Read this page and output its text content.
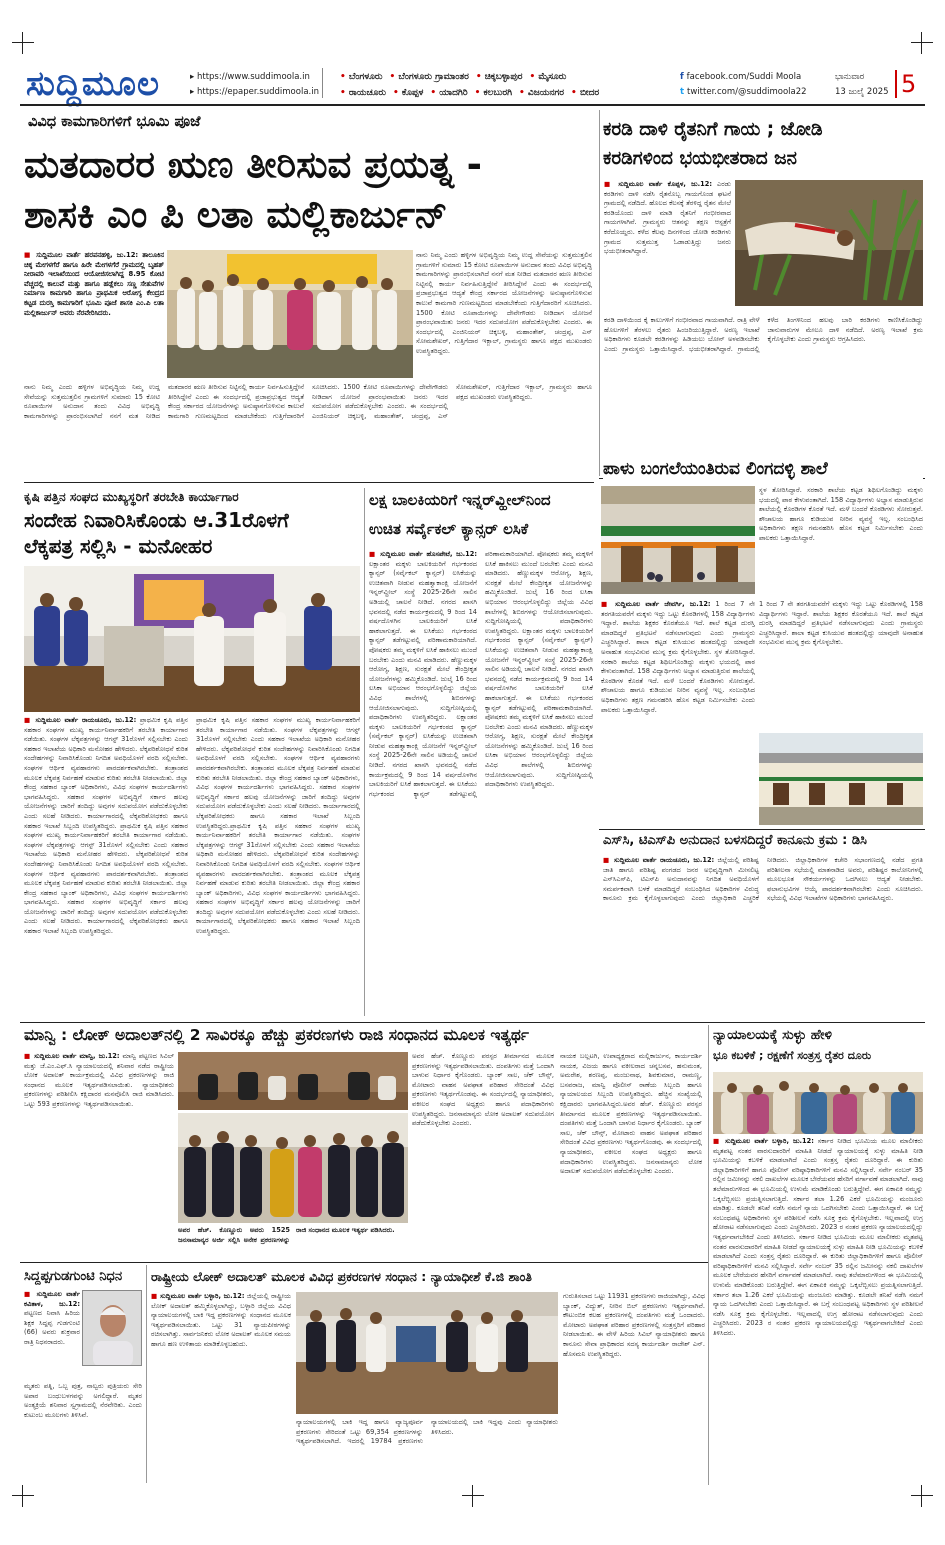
ಸುದ್ದಿಮೂಲ	▸ https://www.suddimoola.in
▸ https://epaper.suddimoola.in
• ಬೆಂಗಳೂರು • ಬೆಂಗಳೂರು ಗ್ರಾಮಾಂತರ • ಚಿಕ್ಕಬಳ್ಳಾಪುರ • ಮೈಸೂರು
• ರಾಯಚೂರು • ಕೊಪ್ಪಳ • ಯಾದಗಿರಿ • ಕಲಬುರಗಿ • ವಿಜಯನಗರ • ಬೀದರ
f facebook.com/Suddi Moola
t twitter.com/@suddimoola22
ಭಾನುವಾರ
13 ಜುಲೈ 2025 5
ವಿವಿಧ ಕಾಮಗಾರಿಗಳಿಗೆ ಭೂಮಿ ಪೂಜೆ
ಮತದಾರರ ಋಣ ತೀರಿಸುವ ಪ್ರಯತ್ನ -
ಶಾಸಕಿ ಎಂ ಪಿ ಲತಾ ಮಲ್ಲಿಕಾರ್ಜುನ್
■ ಸುದ್ದಿಮೂಲ ವಾರ್ತೆ ಹರಪನಹಳ್ಳಿ, ಜು.12: ತಾಲೂಕಿನ ಚಿಕ್ಕ ಮೇಗಳಗೆರೆ ಹಾಗೂ ಹಿರೇ ಮೇಗಳಗೆರೆ ಗ್ರಾಮದಲ್ಲಿ ಬೃಹತ್ ನೀರಾವರಿ ಇಲಾಖೆಯಿಂದ ಆಯೋಜಿಸಲಾಗಿದ್ದ 8.95 ಕೋಟಿ ವೆಚ್ಚದಲ್ಲಿ ಕಾಲುವೆ ಮತ್ತು ಹಾಗೂ ಹಡ್ಲೆಕಲು ಸಣ್ಣ ಸೇತುವೆಗಳ ನಿರ್ಮಾಣ ಕಾಮಗಾರಿ ಹಾಗೂ ಪ್ರಾಥಮಿಕ ಆರೋಗ್ಯ ಕೇಂದ್ರದ ಕಟ್ಟಡ ದುರಸ್ತಿ ಕಾಮಗಾರಿಗೆ ಭೂಮಿ ಪೂಜೆ ಶಾಸಕಿ ಎಂ.ಪಿ ಲತಾ ಮಲ್ಲಿಕಾರ್ಜುನ್ ಅವರು ನೆರವೇರಿಸಿದರು.
ನಾನು ನಿಮ್ಮ ಎಂದು ಹಳ್ಳಿಗಳ ಅಭಿವೃದ್ಧಿಯ ನಿಮ್ಮ ಉದ್ದ ಸೇವೆಯನ್ನು ಸುತ್ತಮುತ್ತಲಿನ ಗ್ರಾಮಗಳಿಗೆ ಸುಮಾರು 15 ಕೋಟಿ ರೂಪಾಯಿಗಳ ಅನುದಾನ ತಂದು ವಿವಿಧ ಅಭಿವೃದ್ಧಿ ಕಾಮಗಾರಿಗಳನ್ನು ಪ್ರಾರಂಭಿಸಲಾಗಿದೆ ನನಗೆ ಮತ ನೀಡಿದ ಮತದಾರರ ಋಣ ತೀರಿಸುವ ನಿಟ್ಟಿನಲ್ಲಿ ಕಾರ್ಯ ನಿರ್ವಹಿಸುತ್ತಿದ್ದೇನೆ ತೀರಿಸಿದ್ದೇನೆ ಎಂದು ಈ ಸಂದರ್ಭದಲ್ಲಿ ಪ್ರಜಾಪ್ರಭುತ್ವದ ಆದ್ಯತೆ ಕೇಂದ್ರ ಸರ್ಕಾರದ ಯೋಜನೆಗಳನ್ನು ಅನುಷ್ಠಾನಗೊಳಿಸುವ ಕಾಲುವೆ ಕಾಮಗಾರಿ ಗುಣಮಟ್ಟದಿಂದ ಮಾಡಬೇಕೆಂದು ಗುತ್ತಿಗೆದಾರರಿಗೆ ಸೂಚಿಸಿದರು. 1500 ಕೋಟಿ ರೂಪಾಯಿಗಳನ್ನು ದೇವೇಗೌಡರು ನೀಡಿದಾಗ ಯೋಜನೆ ಪ್ರಾರಂಭವಾಯಿತು ಜನರು ಇದರ ಸದುಪಯೋಗ ಪಡೆದುಕೊಳ್ಳಬೇಕು ಎಂದರು. ಈ ಸಂದರ್ಭದಲ್ಲಿ ಎಂಜಿನಿಯರ್ ಚಿಕ್ಕಬಳ್ಳಿ, ಮಹಾಂತೇಶ್, ಚಂದ್ರಪ್ಪ, ಎಸ್ ಸೋಮಶೇಖರ್, ಗುತ್ತಿಗೆದಾರ ಇಕ್ಬಾಲ್, ಗ್ರಾಮಸ್ಥರು ಹಾಗೂ ಪಕ್ಷದ ಮುಖಂಡರು ಉಪಸ್ಥಿತರಿದ್ದರು.
ನಾನು ನಿಮ್ಮ ಎಂದು ಹಳ್ಳಿಗಳ ಅಭಿವೃದ್ಧಿಯ ನಿಮ್ಮ ಉದ್ದ ಸೇವೆಯನ್ನು ಸುತ್ತಮುತ್ತಲಿನ ಗ್ರಾಮಗಳಿಗೆ ಸುಮಾರು 15 ಕೋಟಿ ರೂಪಾಯಿಗಳ ಅನುದಾನ ತಂದು ವಿವಿಧ ಅಭಿವೃದ್ಧಿ ಕಾಮಗಾರಿಗಳನ್ನು ಪ್ರಾರಂಭಿಸಲಾಗಿದೆ ನನಗೆ ಮತ ನೀಡಿದ ಮತದಾರರ ಋಣ ತೀರಿಸುವ ನಿಟ್ಟಿನಲ್ಲಿ ಕಾರ್ಯ ನಿರ್ವಹಿಸುತ್ತಿದ್ದೇನೆ ತೀರಿಸಿದ್ದೇನೆ ಎಂದು ಈ ಸಂದರ್ಭದಲ್ಲಿ ಪ್ರಜಾಪ್ರಭುತ್ವದ ಆದ್ಯತೆ ಕೇಂದ್ರ ಸರ್ಕಾರದ ಯೋಜನೆಗಳನ್ನು ಅನುಷ್ಠಾನಗೊಳಿಸುವ ಕಾಲುವೆ ಕಾಮಗಾರಿ ಗುಣಮಟ್ಟದಿಂದ ಮಾಡಬೇಕೆಂದು ಗುತ್ತಿಗೆದಾರರಿಗೆ ಸೂಚಿಸಿದರು. 1500 ಕೋಟಿ ರೂಪಾಯಿಗಳನ್ನು ದೇವೇಗೌಡರು ನೀಡಿದಾಗ ಯೋಜನೆ ಪ್ರಾರಂಭವಾಯಿತು ಜನರು ಇದರ ಸದುಪಯೋಗ ಪಡೆದುಕೊಳ್ಳಬೇಕು ಎಂದರು. ಈ ಸಂದರ್ಭದಲ್ಲಿ ಎಂಜಿನಿಯರ್ ಚಿಕ್ಕಬಳ್ಳಿ, ಮಹಾಂತೇಶ್, ಚಂದ್ರಪ್ಪ, ಎಸ್ ಸೋಮಶೇಖರ್, ಗುತ್ತಿಗೆದಾರ ಇಕ್ಬಾಲ್, ಗ್ರಾಮಸ್ಥರು ಹಾಗೂ ಪಕ್ಷದ ಮುಖಂಡರು ಉಪಸ್ಥಿತರಿದ್ದರು.
ಕರಡಿ ದಾಳಿ ರೈತನಿಗೆ ಗಾಯ ; ಜೋಡಿ
ಕರಡಿಗಳಿಂದ ಭಯಭೀತರಾದ ಜನ
■ ಸುದ್ದಿಮೂಲ ವಾರ್ತೆ ಕೊಪ್ಪಳ, ಜು.12: ಎರಡು ಕರಡಿಗಳು ದಾಳಿ ನಡೆಸಿ ರೈತನೊಬ್ಬ ಗಾಯಗೊಂಡ ಘಟನೆ ಗ್ರಾಮದಲ್ಲಿ ನಡೆದಿದೆ. ಹೊಲದ ಕೆಲಸಕ್ಕೆ ತೆರಳಿದ್ದ ರೈತನ ಮೇಲೆ ಕರಡಿಯೊಂದು ದಾಳಿ ಮಾಡಿ ರೈತನಿಗೆ ಗಂಭೀರವಾದ ಗಾಯಗಳಾಗಿವೆ. ಗ್ರಾಮಸ್ಥರು ಆತನನ್ನು ತಕ್ಷಣ ಆಸ್ಪತ್ರೆಗೆ ಕರೆದೊಯ್ದರು. ಕಳೆದ ಕೆಲವು ದಿನಗಳಿಂದ ಜೋಡಿ ಕರಡಿಗಳು ಗ್ರಾಮದ ಸುತ್ತಮುತ್ತ ಓಡಾಡುತ್ತಿದ್ದು ಜನರು ಭಯಭೀತರಾಗಿದ್ದಾರೆ.
ಕರಡಿ ದಾಳಿಯಿಂದ ಕೈ ಕಾಲುಗಳಿಗೆ ಗಂಭೀರವಾದ ಗಾಯವಾಗಿದೆ. ರಾತ್ರಿ ವೇಳೆ ಹೊಲಗಳಿಗೆ ತೆರಳಲು ರೈತರು ಹಿಂಜರಿಯುತ್ತಿದ್ದಾರೆ. ಅರಣ್ಯ ಇಲಾಖೆ ಅಧಿಕಾರಿಗಳು ಕೂಡಲೇ ಕರಡಿಗಳನ್ನು ಹಿಡಿಯಲು ಬೋನ್ ಅಳವಡಿಸಬೇಕು ಎಂದು ಗ್ರಾಮಸ್ಥರು ಒತ್ತಾಯಿಸಿದ್ದಾರೆ. ಭಯಭೀತರಾಗಿದ್ದಾರೆ. ಗ್ರಾಮದಲ್ಲಿ ಕಳೆದ ತಿಂಗಳಿನಿಂದ ಹಲವು ಬಾರಿ ಕರಡಿಗಳು ಕಾಣಿಸಿಕೊಂಡಿದ್ದು ಜಾನುವಾರುಗಳ ಮೇಲೂ ದಾಳಿ ನಡೆದಿದೆ. ಅರಣ್ಯ ಇಲಾಖೆ ಕ್ರಮ ಕೈಗೊಳ್ಳಬೇಕು ಎಂದು ಗ್ರಾಮಸ್ಥರು ಆಗ್ರಹಿಸಿದರು.
ಪಾಳು ಬಂಗಲೆಯಂತಿರುವ ಲಿಂಗದಳ್ಳಿ ಶಾಲೆ
ಸ್ಥಳ ತೋರಿಸಿದ್ದಾರೆ. ಸರಕಾರಿ ಶಾಲೆಯ ಕಟ್ಟಡ ಶಿಥಿಲಗೊಂಡಿದ್ದು ಮಕ್ಕಳು ಭಯದಲ್ಲಿ ಪಾಠ ಕೇಳುವಂತಾಗಿದೆ. 158 ವಿದ್ಯಾರ್ಥಿಗಳು ಅಭ್ಯಾಸ ಮಾಡುತ್ತಿರುವ ಶಾಲೆಯಲ್ಲಿ ಕೊಠಡಿಗಳ ಕೊರತೆ ಇದೆ. ಮಳೆ ಬಂದರೆ ಕೊಠಡಿಗಳು ಸೋರುತ್ತವೆ. ಶೌಚಾಲಯ ಹಾಗೂ ಕುಡಿಯುವ ನೀರಿನ ವ್ಯವಸ್ಥೆ ಇಲ್ಲ. ಸಂಬಂಧಿಸಿದ ಅಧಿಕಾರಿಗಳು ತಕ್ಷಣ ಗಮನಹರಿಸಿ ಹೊಸ ಕಟ್ಟಡ ನಿರ್ಮಿಸಬೇಕು ಎಂದು ಪಾಲಕರು ಒತ್ತಾಯಿಸಿದ್ದಾರೆ.
■ ಸುದ್ದಿಮೂಲ ವಾರ್ತೆ ಜೇವರ್ಗಿ, ಜು.12: 1 ರಿಂದ 7 ನೇ ತರಗತಿಯವರೆಗೆ ಮಕ್ಕಳು ಇದ್ದು ಒಟ್ಟು ಕೊಠಡಿಗಳಲ್ಲಿ 158 ವಿದ್ಯಾರ್ಥಿಗಳು ಇದ್ದಾರೆ. ಶಾಲೆಯ ಶಿಕ್ಷಕರ ಕೊರತೆಯೂ ಇದೆ. ಶಾಲೆ ಕಟ್ಟಡ ದುರಸ್ತಿ ಮಾಡದಿದ್ದರೆ ಪ್ರತಿಭಟನೆ ನಡೆಸಲಾಗುವುದು ಎಂದು ಗ್ರಾಮಸ್ಥರು ಎಚ್ಚರಿಸಿದ್ದಾರೆ. ಶಾಲಾ ಕಟ್ಟಡ ಕುಸಿಯುವ ಹಂತದಲ್ಲಿದ್ದು ಯಾವುದೇ ಅನಾಹುತ ಸಂಭವಿಸುವ ಮುನ್ನ ಕ್ರಮ ಕೈಗೊಳ್ಳಬೇಕು. ಸ್ಥಳ ತೋರಿಸಿದ್ದಾರೆ. ಸರಕಾರಿ ಶಾಲೆಯ ಕಟ್ಟಡ ಶಿಥಿಲಗೊಂಡಿದ್ದು ಮಕ್ಕಳು ಭಯದಲ್ಲಿ ಪಾಠ ಕೇಳುವಂತಾಗಿದೆ. 158 ವಿದ್ಯಾರ್ಥಿಗಳು ಅಭ್ಯಾಸ ಮಾಡುತ್ತಿರುವ ಶಾಲೆಯಲ್ಲಿ ಕೊಠಡಿಗಳ ಕೊರತೆ ಇದೆ. ಮಳೆ ಬಂದರೆ ಕೊಠಡಿಗಳು ಸೋರುತ್ತವೆ. ಶೌಚಾಲಯ ಹಾಗೂ ಕುಡಿಯುವ ನೀರಿನ ವ್ಯವಸ್ಥೆ ಇಲ್ಲ. ಸಂಬಂಧಿಸಿದ ಅಧಿಕಾರಿಗಳು ತಕ್ಷಣ ಗಮನಹರಿಸಿ ಹೊಸ ಕಟ್ಟಡ ನಿರ್ಮಿಸಬೇಕು ಎಂದು ಪಾಲಕರು ಒತ್ತಾಯಿಸಿದ್ದಾರೆ.
1 ರಿಂದ 7 ನೇ ತರಗತಿಯವರೆಗೆ ಮಕ್ಕಳು ಇದ್ದು ಒಟ್ಟು ಕೊಠಡಿಗಳಲ್ಲಿ 158 ವಿದ್ಯಾರ್ಥಿಗಳು ಇದ್ದಾರೆ. ಶಾಲೆಯ ಶಿಕ್ಷಕರ ಕೊರತೆಯೂ ಇದೆ. ಶಾಲೆ ಕಟ್ಟಡ ದುರಸ್ತಿ ಮಾಡದಿದ್ದರೆ ಪ್ರತಿಭಟನೆ ನಡೆಸಲಾಗುವುದು ಎಂದು ಗ್ರಾಮಸ್ಥರು ಎಚ್ಚರಿಸಿದ್ದಾರೆ. ಶಾಲಾ ಕಟ್ಟಡ ಕುಸಿಯುವ ಹಂತದಲ್ಲಿದ್ದು ಯಾವುದೇ ಅನಾಹುತ ಸಂಭವಿಸುವ ಮುನ್ನ ಕ್ರಮ ಕೈಗೊಳ್ಳಬೇಕು.
ಎಸ್‌ಸಿ, ಟಿಎಸ್‌ಪಿ ಅನುದಾನ ಬಳಸದಿದ್ದರೆ ಕಾನೂನು ಕ್ರಮ : ಡಿಸಿ
■ ಸುದ್ದಿಮೂಲ ವಾರ್ತೆ ರಾಯಚೂರು, ಜು.12: ಜಿಲ್ಲೆಯಲ್ಲಿ ಪರಿಶಿಷ್ಟ ಜಾತಿ ಹಾಗೂ ಪರಿಶಿಷ್ಟ ಪಂಗಡದ ಜನರ ಅಭಿವೃದ್ಧಿಗಾಗಿ ಮೀಸಲಿಟ್ಟ ಎಸ್‌ಸಿಎಸ್‌ಪಿ, ಟಿಎಸ್‌ಪಿ ಅನುದಾನವನ್ನು ನಿಗದಿತ ಅವಧಿಯೊಳಗೆ ಸಮರ್ಪಕವಾಗಿ ಬಳಕೆ ಮಾಡದಿದ್ದರೆ ಸಂಬಂಧಿಸಿದ ಅಧಿಕಾರಿಗಳ ವಿರುದ್ಧ ಕಾನೂನು ಕ್ರಮ ಕೈಗೊಳ್ಳಲಾಗುವುದು ಎಂದು ಜಿಲ್ಲಾಧಿಕಾರಿ ಎಚ್ಚರಿಕೆ ನೀಡಿದರು. ಜಿಲ್ಲಾಧಿಕಾರಿಗಳ ಕಚೇರಿ ಸಭಾಂಗಣದಲ್ಲಿ ನಡೆದ ಪ್ರಗತಿ ಪರಿಶೀಲನಾ ಸಭೆಯಲ್ಲಿ ಮಾತನಾಡಿದ ಅವರು, ಪರಿಶಿಷ್ಟರ ಕಾಲೋನಿಗಳಲ್ಲಿ ಮೂಲಭೂತ ಸೌಕರ್ಯಗಳನ್ನು ಒದಗಿಸಲು ಆದ್ಯತೆ ನೀಡಬೇಕು. ಫಲಾನುಭವಿಗಳ ಆಯ್ಕೆ ಪಾರದರ್ಶಕವಾಗಿರಬೇಕು ಎಂದು ಸೂಚಿಸಿದರು. ಸಭೆಯಲ್ಲಿ ವಿವಿಧ ಇಲಾಖೆಗಳ ಅಧಿಕಾರಿಗಳು ಭಾಗವಹಿಸಿದ್ದರು.
ಕೃಷಿ ಪತ್ತಿನ ಸಂಘದ ಮುಖ್ಯಸ್ಥರಿಗೆ ತರಬೇತಿ ಕಾರ್ಯಾಗಾರ
ಸಂದೇಹ ನಿವಾರಿಸಿಕೊಂಡು ಆ.31ರೊಳಗೆ
ಲೆಕ್ಕಪತ್ರ ಸಲ್ಲಿಸಿ - ಮನೋಹರ
■ ಸುದ್ದಿಮೂಲ ವಾರ್ತೆ ರಾಯಚೂರು, ಜು.12: ಪ್ರಾಥಮಿಕ ಕೃಷಿ ಪತ್ತಿನ ಸಹಕಾರ ಸಂಘಗಳ ಮುಖ್ಯ ಕಾರ್ಯನಿರ್ವಾಹಕರಿಗೆ ತರಬೇತಿ ಕಾರ್ಯಾಗಾರ ನಡೆಯಿತು. ಸಂಘಗಳ ಲೆಕ್ಕಪತ್ರಗಳನ್ನು ಆಗಸ್ಟ್ 31ರೊಳಗೆ ಸಲ್ಲಿಸಬೇಕು ಎಂದು ಸಹಕಾರ ಇಲಾಖೆಯ ಅಧಿಕಾರಿ ಮನೋಹರ ಹೇಳಿದರು. ಲೆಕ್ಕಪರಿಶೋಧನೆ ಕುರಿತ ಸಂದೇಹಗಳನ್ನು ನಿವಾರಿಸಿಕೊಂಡು ನಿಗದಿತ ಅವಧಿಯೊಳಗೆ ವರದಿ ಸಲ್ಲಿಸಬೇಕು. ಸಂಘಗಳ ಆರ್ಥಿಕ ವ್ಯವಹಾರಗಳು ಪಾರದರ್ಶಕವಾಗಿರಬೇಕು. ತಂತ್ರಾಂಶದ ಮೂಲಕ ಲೆಕ್ಕಪತ್ರ ನಿರ್ವಹಣೆ ಮಾಡುವ ಕುರಿತು ತರಬೇತಿ ನೀಡಲಾಯಿತು. ಜಿಲ್ಲಾ ಕೇಂದ್ರ ಸಹಕಾರ ಬ್ಯಾಂಕ್ ಅಧಿಕಾರಿಗಳು, ವಿವಿಧ ಸಂಘಗಳ ಕಾರ್ಯದರ್ಶಿಗಳು ಭಾಗವಹಿಸಿದ್ದರು. ಸಹಕಾರ ಸಂಘಗಳ ಅಭಿವೃದ್ಧಿಗೆ ಸರ್ಕಾರ ಹಲವು ಯೋಜನೆಗಳನ್ನು ಜಾರಿಗೆ ತಂದಿದ್ದು ಅವುಗಳ ಸದುಪಯೋಗ ಪಡೆದುಕೊಳ್ಳಬೇಕು ಎಂದು ಸಲಹೆ ನೀಡಿದರು. ಕಾರ್ಯಾಗಾರದಲ್ಲಿ ಲೆಕ್ಕಪರಿಶೋಧಕರು ಹಾಗೂ ಸಹಕಾರ ಇಲಾಖೆ ಸಿಬ್ಬಂದಿ ಉಪಸ್ಥಿತರಿದ್ದರು. ಪ್ರಾಥಮಿಕ ಕೃಷಿ ಪತ್ತಿನ ಸಹಕಾರ ಸಂಘಗಳ ಮುಖ್ಯ ಕಾರ್ಯನಿರ್ವಾಹಕರಿಗೆ ತರಬೇತಿ ಕಾರ್ಯಾಗಾರ ನಡೆಯಿತು. ಸಂಘಗಳ ಲೆಕ್ಕಪತ್ರಗಳನ್ನು ಆಗಸ್ಟ್ 31ರೊಳಗೆ ಸಲ್ಲಿಸಬೇಕು ಎಂದು ಸಹಕಾರ ಇಲಾಖೆಯ ಅಧಿಕಾರಿ ಮನೋಹರ ಹೇಳಿದರು. ಲೆಕ್ಕಪರಿಶೋಧನೆ ಕುರಿತ ಸಂದೇಹಗಳನ್ನು ನಿವಾರಿಸಿಕೊಂಡು ನಿಗದಿತ ಅವಧಿಯೊಳಗೆ ವರದಿ ಸಲ್ಲಿಸಬೇಕು. ಸಂಘಗಳ ಆರ್ಥಿಕ ವ್ಯವಹಾರಗಳು ಪಾರದರ್ಶಕವಾಗಿರಬೇಕು. ತಂತ್ರಾಂಶದ ಮೂಲಕ ಲೆಕ್ಕಪತ್ರ ನಿರ್ವಹಣೆ ಮಾಡುವ ಕುರಿತು ತರಬೇತಿ ನೀಡಲಾಯಿತು. ಜಿಲ್ಲಾ ಕೇಂದ್ರ ಸಹಕಾರ ಬ್ಯಾಂಕ್ ಅಧಿಕಾರಿಗಳು, ವಿವಿಧ ಸಂಘಗಳ ಕಾರ್ಯದರ್ಶಿಗಳು ಭಾಗವಹಿಸಿದ್ದರು. ಸಹಕಾರ ಸಂಘಗಳ ಅಭಿವೃದ್ಧಿಗೆ ಸರ್ಕಾರ ಹಲವು ಯೋಜನೆಗಳನ್ನು ಜಾರಿಗೆ ತಂದಿದ್ದು ಅವುಗಳ ಸದುಪಯೋಗ ಪಡೆದುಕೊಳ್ಳಬೇಕು ಎಂದು ಸಲಹೆ ನೀಡಿದರು. ಕಾರ್ಯಾಗಾರದಲ್ಲಿ ಲೆಕ್ಕಪರಿಶೋಧಕರು ಹಾಗೂ ಸಹಕಾರ ಇಲಾಖೆ ಸಿಬ್ಬಂದಿ ಉಪಸ್ಥಿತರಿದ್ದರು.
ಪ್ರಾಥಮಿಕ ಕೃಷಿ ಪತ್ತಿನ ಸಹಕಾರ ಸಂಘಗಳ ಮುಖ್ಯ ಕಾರ್ಯನಿರ್ವಾಹಕರಿಗೆ ತರಬೇತಿ ಕಾರ್ಯಾಗಾರ ನಡೆಯಿತು. ಸಂಘಗಳ ಲೆಕ್ಕಪತ್ರಗಳನ್ನು ಆಗಸ್ಟ್ 31ರೊಳಗೆ ಸಲ್ಲಿಸಬೇಕು ಎಂದು ಸಹಕಾರ ಇಲಾಖೆಯ ಅಧಿಕಾರಿ ಮನೋಹರ ಹೇಳಿದರು. ಲೆಕ್ಕಪರಿಶೋಧನೆ ಕುರಿತ ಸಂದೇಹಗಳನ್ನು ನಿವಾರಿಸಿಕೊಂಡು ನಿಗದಿತ ಅವಧಿಯೊಳಗೆ ವರದಿ ಸಲ್ಲಿಸಬೇಕು. ಸಂಘಗಳ ಆರ್ಥಿಕ ವ್ಯವಹಾರಗಳು ಪಾರದರ್ಶಕವಾಗಿರಬೇಕು. ತಂತ್ರಾಂಶದ ಮೂಲಕ ಲೆಕ್ಕಪತ್ರ ನಿರ್ವಹಣೆ ಮಾಡುವ ಕುರಿತು ತರಬೇತಿ ನೀಡಲಾಯಿತು. ಜಿಲ್ಲಾ ಕೇಂದ್ರ ಸಹಕಾರ ಬ್ಯಾಂಕ್ ಅಧಿಕಾರಿಗಳು, ವಿವಿಧ ಸಂಘಗಳ ಕಾರ್ಯದರ್ಶಿಗಳು ಭಾಗವಹಿಸಿದ್ದರು. ಸಹಕಾರ ಸಂಘಗಳ ಅಭಿವೃದ್ಧಿಗೆ ಸರ್ಕಾರ ಹಲವು ಯೋಜನೆಗಳನ್ನು ಜಾರಿಗೆ ತಂದಿದ್ದು ಅವುಗಳ ಸದುಪಯೋಗ ಪಡೆದುಕೊಳ್ಳಬೇಕು ಎಂದು ಸಲಹೆ ನೀಡಿದರು. ಕಾರ್ಯಾಗಾರದಲ್ಲಿ ಲೆಕ್ಕಪರಿಶೋಧಕರು ಹಾಗೂ ಸಹಕಾರ ಇಲಾಖೆ ಸಿಬ್ಬಂದಿ ಉಪಸ್ಥಿತರಿದ್ದರು.ಪ್ರಾಥಮಿಕ ಕೃಷಿ ಪತ್ತಿನ ಸಹಕಾರ ಸಂಘಗಳ ಮುಖ್ಯ ಕಾರ್ಯನಿರ್ವಾಹಕರಿಗೆ ತರಬೇತಿ ಕಾರ್ಯಾಗಾರ ನಡೆಯಿತು. ಸಂಘಗಳ ಲೆಕ್ಕಪತ್ರಗಳನ್ನು ಆಗಸ್ಟ್ 31ರೊಳಗೆ ಸಲ್ಲಿಸಬೇಕು ಎಂದು ಸಹಕಾರ ಇಲಾಖೆಯ ಅಧಿಕಾರಿ ಮನೋಹರ ಹೇಳಿದರು. ಲೆಕ್ಕಪರಿಶೋಧನೆ ಕುರಿತ ಸಂದೇಹಗಳನ್ನು ನಿವಾರಿಸಿಕೊಂಡು ನಿಗದಿತ ಅವಧಿಯೊಳಗೆ ವರದಿ ಸಲ್ಲಿಸಬೇಕು. ಸಂಘಗಳ ಆರ್ಥಿಕ ವ್ಯವಹಾರಗಳು ಪಾರದರ್ಶಕವಾಗಿರಬೇಕು. ತಂತ್ರಾಂಶದ ಮೂಲಕ ಲೆಕ್ಕಪತ್ರ ನಿರ್ವಹಣೆ ಮಾಡುವ ಕುರಿತು ತರಬೇತಿ ನೀಡಲಾಯಿತು. ಜಿಲ್ಲಾ ಕೇಂದ್ರ ಸಹಕಾರ ಬ್ಯಾಂಕ್ ಅಧಿಕಾರಿಗಳು, ವಿವಿಧ ಸಂಘಗಳ ಕಾರ್ಯದರ್ಶಿಗಳು ಭಾಗವಹಿಸಿದ್ದರು. ಸಹಕಾರ ಸಂಘಗಳ ಅಭಿವೃದ್ಧಿಗೆ ಸರ್ಕಾರ ಹಲವು ಯೋಜನೆಗಳನ್ನು ಜಾರಿಗೆ ತಂದಿದ್ದು ಅವುಗಳ ಸದುಪಯೋಗ ಪಡೆದುಕೊಳ್ಳಬೇಕು ಎಂದು ಸಲಹೆ ನೀಡಿದರು. ಕಾರ್ಯಾಗಾರದಲ್ಲಿ ಲೆಕ್ಕಪರಿಶೋಧಕರು ಹಾಗೂ ಸಹಕಾರ ಇಲಾಖೆ ಸಿಬ್ಬಂದಿ ಉಪಸ್ಥಿತರಿದ್ದರು.
ಲಕ್ಷ ಬಾಲಕಿಯರಿಗೆ ಇನ್ನರ್‌ವ್ಹೀಲ್‌ನಿಂದ
ಉಚಿತ ಸರ್ವೈಕಲ್ ಕ್ಯಾನ್ಸರ್ ಲಸಿಕೆ
■ ಸುದ್ದಿಮೂಲ ವಾರ್ತೆ ಹೊಸಪೇಟೆ, ಜು.12: ಲಕ್ಷಾಂತರ ಮಕ್ಕಳು ಬಾಲಕಿಯರಿಗೆ ಗರ್ಭಕಂಠದ ಕ್ಯಾನ್ಸರ್ (ಸರ್ವೈಕಲ್ ಕ್ಯಾನ್ಸರ್) ಲಸಿಕೆಯನ್ನು ಉಚಿತವಾಗಿ ನೀಡುವ ಮಹತ್ವಾಕಾಂಕ್ಷಿ ಯೋಜನೆಗೆ ಇನ್ನರ್‌ವ್ಹೀಲ್ ಸಂಸ್ಥೆ 2025-26ನೇ ಸಾಲಿನ ಅಡಿಯಲ್ಲಿ ಚಾಲನೆ ನೀಡಿದೆ. ನಗರದ ಖಾಸಗಿ ಭವನದಲ್ಲಿ ನಡೆದ ಕಾರ್ಯಕ್ರಮದಲ್ಲಿ 9 ರಿಂದ 14 ವರ್ಷದೊಳಗಿನ ಬಾಲಕಿಯರಿಗೆ ಲಸಿಕೆ ಹಾಕಲಾಗುತ್ತದೆ. ಈ ಲಸಿಕೆಯು ಗರ್ಭಕಂಠದ ಕ್ಯಾನ್ಸರ್ ತಡೆಗಟ್ಟುವಲ್ಲಿ ಪರಿಣಾಮಕಾರಿಯಾಗಿದೆ. ಪೋಷಕರು ತಮ್ಮ ಮಕ್ಕಳಿಗೆ ಲಸಿಕೆ ಹಾಕಿಸಲು ಮುಂದೆ ಬರಬೇಕು ಎಂದು ಮನವಿ ಮಾಡಿದರು. ಹೆಣ್ಣುಮಕ್ಕಳ ಆರೋಗ್ಯ, ಶಿಕ್ಷಣ, ಸುರಕ್ಷತೆ ಮೇಲೆ ಕೇಂದ್ರೀಕೃತ ಯೋಜನೆಗಳನ್ನು ಹಮ್ಮಿಕೊಂಡಿದೆ. ಜುಲೈ 16 ರಿಂದ ಲಸಿಕಾ ಅಭಿಯಾನ ಆರಂಭಗೊಳ್ಳಲಿದ್ದು ಜಿಲ್ಲೆಯ ವಿವಿಧ ಶಾಲೆಗಳಲ್ಲಿ ಶಿಬಿರಗಳನ್ನು ಆಯೋಜಿಸಲಾಗುವುದು. ಸುದ್ದಿಗೋಷ್ಠಿಯಲ್ಲಿ ಪದಾಧಿಕಾರಿಗಳು ಉಪಸ್ಥಿತರಿದ್ದರು. ಲಕ್ಷಾಂತರ ಮಕ್ಕಳು ಬಾಲಕಿಯರಿಗೆ ಗರ್ಭಕಂಠದ ಕ್ಯಾನ್ಸರ್ (ಸರ್ವೈಕಲ್ ಕ್ಯಾನ್ಸರ್) ಲಸಿಕೆಯನ್ನು ಉಚಿತವಾಗಿ ನೀಡುವ ಮಹತ್ವಾಕಾಂಕ್ಷಿ ಯೋಜನೆಗೆ ಇನ್ನರ್‌ವ್ಹೀಲ್ ಸಂಸ್ಥೆ 2025-26ನೇ ಸಾಲಿನ ಅಡಿಯಲ್ಲಿ ಚಾಲನೆ ನೀಡಿದೆ. ನಗರದ ಖಾಸಗಿ ಭವನದಲ್ಲಿ ನಡೆದ ಕಾರ್ಯಕ್ರಮದಲ್ಲಿ 9 ರಿಂದ 14 ವರ್ಷದೊಳಗಿನ ಬಾಲಕಿಯರಿಗೆ ಲಸಿಕೆ ಹಾಕಲಾಗುತ್ತದೆ. ಈ ಲಸಿಕೆಯು ಗರ್ಭಕಂಠದ ಕ್ಯಾನ್ಸರ್ ತಡೆಗಟ್ಟುವಲ್ಲಿ ಪರಿಣಾಮಕಾರಿಯಾಗಿದೆ. ಪೋಷಕರು ತಮ್ಮ ಮಕ್ಕಳಿಗೆ ಲಸಿಕೆ ಹಾಕಿಸಲು ಮುಂದೆ ಬರಬೇಕು ಎಂದು ಮನವಿ ಮಾಡಿದರು. ಹೆಣ್ಣುಮಕ್ಕಳ ಆರೋಗ್ಯ, ಶಿಕ್ಷಣ, ಸುರಕ್ಷತೆ ಮೇಲೆ ಕೇಂದ್ರೀಕೃತ ಯೋಜನೆಗಳನ್ನು ಹಮ್ಮಿಕೊಂಡಿದೆ. ಜುಲೈ 16 ರಿಂದ ಲಸಿಕಾ ಅಭಿಯಾನ ಆರಂಭಗೊಳ್ಳಲಿದ್ದು ಜಿಲ್ಲೆಯ ವಿವಿಧ ಶಾಲೆಗಳಲ್ಲಿ ಶಿಬಿರಗಳನ್ನು ಆಯೋಜಿಸಲಾಗುವುದು. ಸುದ್ದಿಗೋಷ್ಠಿಯಲ್ಲಿ ಪದಾಧಿಕಾರಿಗಳು ಉಪಸ್ಥಿತರಿದ್ದರು. ಲಕ್ಷಾಂತರ ಮಕ್ಕಳು ಬಾಲಕಿಯರಿಗೆ ಗರ್ಭಕಂಠದ ಕ್ಯಾನ್ಸರ್ (ಸರ್ವೈಕಲ್ ಕ್ಯಾನ್ಸರ್) ಲಸಿಕೆಯನ್ನು ಉಚಿತವಾಗಿ ನೀಡುವ ಮಹತ್ವಾಕಾಂಕ್ಷಿ ಯೋಜನೆಗೆ ಇನ್ನರ್‌ವ್ಹೀಲ್ ಸಂಸ್ಥೆ 2025-26ನೇ ಸಾಲಿನ ಅಡಿಯಲ್ಲಿ ಚಾಲನೆ ನೀಡಿದೆ. ನಗರದ ಖಾಸಗಿ ಭವನದಲ್ಲಿ ನಡೆದ ಕಾರ್ಯಕ್ರಮದಲ್ಲಿ 9 ರಿಂದ 14 ವರ್ಷದೊಳಗಿನ ಬಾಲಕಿಯರಿಗೆ ಲಸಿಕೆ ಹಾಕಲಾಗುತ್ತದೆ. ಈ ಲಸಿಕೆಯು ಗರ್ಭಕಂಠದ ಕ್ಯಾನ್ಸರ್ ತಡೆಗಟ್ಟುವಲ್ಲಿ ಪರಿಣಾಮಕಾರಿಯಾಗಿದೆ. ಪೋಷಕರು ತಮ್ಮ ಮಕ್ಕಳಿಗೆ ಲಸಿಕೆ ಹಾಕಿಸಲು ಮುಂದೆ ಬರಬೇಕು ಎಂದು ಮನವಿ ಮಾಡಿದರು. ಹೆಣ್ಣುಮಕ್ಕಳ ಆರೋಗ್ಯ, ಶಿಕ್ಷಣ, ಸುರಕ್ಷತೆ ಮೇಲೆ ಕೇಂದ್ರೀಕೃತ ಯೋಜನೆಗಳನ್ನು ಹಮ್ಮಿಕೊಂಡಿದೆ. ಜುಲೈ 16 ರಿಂದ ಲಸಿಕಾ ಅಭಿಯಾನ ಆರಂಭಗೊಳ್ಳಲಿದ್ದು ಜಿಲ್ಲೆಯ ವಿವಿಧ ಶಾಲೆಗಳಲ್ಲಿ ಶಿಬಿರಗಳನ್ನು ಆಯೋಜಿಸಲಾಗುವುದು. ಸುದ್ದಿಗೋಷ್ಠಿಯಲ್ಲಿ ಪದಾಧಿಕಾರಿಗಳು ಉಪಸ್ಥಿತರಿದ್ದರು.
ಮಾನ್ವಿ : ಲೋಕ್ ಅದಾಲತ್‌ನಲ್ಲಿ 2 ಸಾವಿರಕ್ಕೂ ಹೆಚ್ಚು ಪ್ರಕರಣಗಳು ರಾಜಿ ಸಂಧಾನದ ಮೂಲಕ ಇತ್ಯರ್ಥ
■ ಸುದ್ದಿಮೂಲ ವಾರ್ತೆ ಮಾನ್ವಿ, ಜು.12: ಮಾನ್ವಿ ಪಟ್ಟಣದ ಸಿವಿಲ್ ಮತ್ತು ಜೆ.ಎಂ.ಎಫ್.ಸಿ ನ್ಯಾಯಾಲಯದಲ್ಲಿ ಶನಿವಾರ ನಡೆದ ರಾಷ್ಟ್ರೀಯ ಲೋಕ ಅದಾಲತ್ ಕಾರ್ಯಕ್ರಮದಲ್ಲಿ ವಿವಿಧ ಪ್ರಕರಣಗಳನ್ನು ರಾಜಿ ಸಂಧಾನದ ಮೂಲಕ ಇತ್ಯರ್ಥಪಡಿಸಲಾಯಿತು. ನ್ಯಾಯಾಧೀಶರು ಪ್ರಕರಣಗಳನ್ನು ಪರಿಶೀಲಿಸಿ ಕಕ್ಷಿದಾರರ ಮನವೊಲಿಸಿ ರಾಜಿ ಮಾಡಿಸಿದರು. ಒಟ್ಟು 593 ಪ್ರಕರಣಗಳನ್ನು ಇತ್ಯರ್ಥಪಡಿಸಲಾಯಿತು.
ಅಪರ ಹೆಚ್. ಕೊಣ್ಣೂರು ಅವರು 1525 ಜನಸಾಮಾನ್ಯರ ಅರ್ಜಿ ಸಲ್ಲಿಸಿ ಅನೇಕ ಪ್ರಕರಣಗಳನ್ನು ರಾಜಿ ಸಂಧಾನದ ಮೂಲಕ ಇತ್ಯರ್ಥ ಪಡಿಸಿದರು.
ಅವರ ಹೆಚ್. ಕೊಣ್ಣೂರು ಪರಸ್ಪರ ತೀರ್ಮಾನದ ಮೂಲಕ ಪ್ರಕರಣಗಳನ್ನು ಇತ್ಯರ್ಥಪಡಿಸಲಾಯಿತು. ದಂಪತಿಗಳು ಮತ್ತೆ ಒಂದಾಗಿ ಬಾಳುವ ನಿರ್ಧಾರ ಕೈಗೊಂಡರು. ಬ್ಯಾಂಕ್ ಸಾಲ, ಚೆಕ್ ಬೌನ್ಸ್, ಮೋಟಾರು ವಾಹನ ಅಪಘಾತ ಪರಿಹಾರ ಸೇರಿದಂತೆ ವಿವಿಧ ಪ್ರಕರಣಗಳು ಇತ್ಯರ್ಥಗೊಂಡವು. ಈ ಸಂದರ್ಭದಲ್ಲಿ ನ್ಯಾಯಾಧೀಶರು, ವಕೀಲರ ಸಂಘದ ಅಧ್ಯಕ್ಷರು ಹಾಗೂ ಪದಾಧಿಕಾರಿಗಳು ಉಪಸ್ಥಿತರಿದ್ದರು. ಜನಸಾಮಾನ್ಯರು ಲೋಕ ಅದಾಲತ್ ಸದುಪಯೋಗ ಪಡೆದುಕೊಳ್ಳಬೇಕು ಎಂದರು.
ನಾಯಕ ಬಲ್ಲಟಗಿ, ಉಪಾಧ್ಯಕ್ಷರಾದ ಮಲ್ಲಿಕಾರ್ಜುನ, ಕಾರ್ಯದರ್ಶಿ ನಾಯಕ, ವಿಜಯ ಹಾಗೂ ವಕೀಲರಾದ ಚನ್ನಬಸವ, ಹನುಮಂತ, ಅಮರೇಶ, ಶರಣಪ್ಪ, ಮಂಜುನಾಥ, ಶಿವಕುಮಾರ, ರಾಮಣ್ಣ, ಬಸವರಾಜ, ಮಾನ್ವಿ ಪೊಲೀಸ್ ಠಾಣೆಯ ಸಿಬ್ಬಂದಿ ಹಾಗೂ ನ್ಯಾಯಾಲಯದ ಸಿಬ್ಬಂದಿ ಉಪಸ್ಥಿತರಿದ್ದರು. ಹೆಚ್ಚಿನ ಸಂಖ್ಯೆಯಲ್ಲಿ ಕಕ್ಷಿದಾರರು ಭಾಗವಹಿಸಿದ್ದರು.ಅವರ ಹೆಚ್. ಕೊಣ್ಣೂರು ಪರಸ್ಪರ ತೀರ್ಮಾನದ ಮೂಲಕ ಪ್ರಕರಣಗಳನ್ನು ಇತ್ಯರ್ಥಪಡಿಸಲಾಯಿತು. ದಂಪತಿಗಳು ಮತ್ತೆ ಒಂದಾಗಿ ಬಾಳುವ ನಿರ್ಧಾರ ಕೈಗೊಂಡರು. ಬ್ಯಾಂಕ್ ಸಾಲ, ಚೆಕ್ ಬೌನ್ಸ್, ಮೋಟಾರು ವಾಹನ ಅಪಘಾತ ಪರಿಹಾರ ಸೇರಿದಂತೆ ವಿವಿಧ ಪ್ರಕರಣಗಳು ಇತ್ಯರ್ಥಗೊಂಡವು. ಈ ಸಂದರ್ಭದಲ್ಲಿ ನ್ಯಾಯಾಧೀಶರು, ವಕೀಲರ ಸಂಘದ ಅಧ್ಯಕ್ಷರು ಹಾಗೂ ಪದಾಧಿಕಾರಿಗಳು ಉಪಸ್ಥಿತರಿದ್ದರು. ಜನಸಾಮಾನ್ಯರು ಲೋಕ ಅದಾಲತ್ ಸದುಪಯೋಗ ಪಡೆದುಕೊಳ್ಳಬೇಕು ಎಂದರು.
ನ್ಯಾಯಾಲಯಕ್ಕೆ ಸುಳ್ಳು ಹೇಳಿ
ಭೂ ಕಬಳಿಕೆ ; ರಕ್ಷಣೆಗೆ ಸಂತ್ರಸ್ತ ರೈತರ ದೂರು
■ ಸುದ್ದಿಮೂಲ ವಾರ್ತೆ ಬಳ್ಳಾರಿ, ಜು.12: ಸರ್ಕಾರ ನೀಡಿದ ಭೂಮಿಯ ಮೂಲ ಮಾಲೀಕರು ಮೃತಪಟ್ಟ ನಂತರ ವಾರಸುದಾರರಿಗೆ ಮಾಹಿತಿ ನೀಡದೆ ನ್ಯಾಯಾಲಯಕ್ಕೆ ಸುಳ್ಳು ಮಾಹಿತಿ ನೀಡಿ ಭೂಮಿಯನ್ನು ಕಬಳಿಕೆ ಮಾಡಲಾಗಿದೆ ಎಂದು ಸಂತ್ರಸ್ತ ರೈತರು ದೂರಿದ್ದಾರೆ. ಈ ಕುರಿತು ಜಿಲ್ಲಾಧಿಕಾರಿಗಳಿಗೆ ಹಾಗೂ ಪೊಲೀಸ್ ವರಿಷ್ಠಾಧಿಕಾರಿಗಳಿಗೆ ಮನವಿ ಸಲ್ಲಿಸಿದ್ದಾರೆ. ಸರ್ವೇ ನಂಬರ್ 35 ರಲ್ಲಿನ ಜಮೀನನ್ನು ನಕಲಿ ದಾಖಲೆಗಳ ಮೂಲಕ ಬೇರೆಯವರ ಹೆಸರಿಗೆ ವರ್ಗಾವಣೆ ಮಾಡಲಾಗಿದೆ. ನಾವು ತಲೆಮಾರುಗಳಿಂದ ಈ ಭೂಮಿಯಲ್ಲಿ ಉಳುಮೆ ಮಾಡಿಕೊಂಡು ಬರುತ್ತಿದ್ದೇವೆ. ಈಗ ಏಕಾಏಕಿ ನಮ್ಮನ್ನು ಒಕ್ಕಲೆಬ್ಬಿಸಲು ಪ್ರಯತ್ನಿಸಲಾಗುತ್ತಿದೆ. ಸರ್ಕಾರ ತಲಾ 1.26 ಎಕರೆ ಭೂಮಿಯನ್ನು ಮಂಜೂರು ಮಾಡಿತ್ತು. ಕೂಡಲೇ ತನಿಖೆ ನಡೆಸಿ ನಮಗೆ ನ್ಯಾಯ ಒದಗಿಸಬೇಕು ಎಂದು ಒತ್ತಾಯಿಸಿದ್ದಾರೆ. ಈ ಬಗ್ಗೆ ಸಂಬಂಧಪಟ್ಟ ಅಧಿಕಾರಿಗಳು ಸ್ಥಳ ಪರಿಶೀಲನೆ ನಡೆಸಿ ಸೂಕ್ತ ಕ್ರಮ ಕೈಗೊಳ್ಳಬೇಕು. ಇಲ್ಲವಾದಲ್ಲಿ ಉಗ್ರ ಹೋರಾಟ ನಡೆಸಲಾಗುವುದು ಎಂದು ಎಚ್ಚರಿಸಿದರು. 2023 ರ ನಂತರ ಪ್ರಕರಣ ನ್ಯಾಯಾಲಯದಲ್ಲಿದ್ದು ಇತ್ಯರ್ಥವಾಗಬೇಕಿದೆ ಎಂದು ತಿಳಿಸಿದರು. ಸರ್ಕಾರ ನೀಡಿದ ಭೂಮಿಯ ಮೂಲ ಮಾಲೀಕರು ಮೃತಪಟ್ಟ ನಂತರ ವಾರಸುದಾರರಿಗೆ ಮಾಹಿತಿ ನೀಡದೆ ನ್ಯಾಯಾಲಯಕ್ಕೆ ಸುಳ್ಳು ಮಾಹಿತಿ ನೀಡಿ ಭೂಮಿಯನ್ನು ಕಬಳಿಕೆ ಮಾಡಲಾಗಿದೆ ಎಂದು ಸಂತ್ರಸ್ತ ರೈತರು ದೂರಿದ್ದಾರೆ. ಈ ಕುರಿತು ಜಿಲ್ಲಾಧಿಕಾರಿಗಳಿಗೆ ಹಾಗೂ ಪೊಲೀಸ್ ವರಿಷ್ಠಾಧಿಕಾರಿಗಳಿಗೆ ಮನವಿ ಸಲ್ಲಿಸಿದ್ದಾರೆ. ಸರ್ವೇ ನಂಬರ್ 35 ರಲ್ಲಿನ ಜಮೀನನ್ನು ನಕಲಿ ದಾಖಲೆಗಳ ಮೂಲಕ ಬೇರೆಯವರ ಹೆಸರಿಗೆ ವರ್ಗಾವಣೆ ಮಾಡಲಾಗಿದೆ. ನಾವು ತಲೆಮಾರುಗಳಿಂದ ಈ ಭೂಮಿಯಲ್ಲಿ ಉಳುಮೆ ಮಾಡಿಕೊಂಡು ಬರುತ್ತಿದ್ದೇವೆ. ಈಗ ಏಕಾಏಕಿ ನಮ್ಮನ್ನು ಒಕ್ಕಲೆಬ್ಬಿಸಲು ಪ್ರಯತ್ನಿಸಲಾಗುತ್ತಿದೆ. ಸರ್ಕಾರ ತಲಾ 1.26 ಎಕರೆ ಭೂಮಿಯನ್ನು ಮಂಜೂರು ಮಾಡಿತ್ತು. ಕೂಡಲೇ ತನಿಖೆ ನಡೆಸಿ ನಮಗೆ ನ್ಯಾಯ ಒದಗಿಸಬೇಕು ಎಂದು ಒತ್ತಾಯಿಸಿದ್ದಾರೆ. ಈ ಬಗ್ಗೆ ಸಂಬಂಧಪಟ್ಟ ಅಧಿಕಾರಿಗಳು ಸ್ಥಳ ಪರಿಶೀಲನೆ ನಡೆಸಿ ಸೂಕ್ತ ಕ್ರಮ ಕೈಗೊಳ್ಳಬೇಕು. ಇಲ್ಲವಾದಲ್ಲಿ ಉಗ್ರ ಹೋರಾಟ ನಡೆಸಲಾಗುವುದು ಎಂದು ಎಚ್ಚರಿಸಿದರು. 2023 ರ ನಂತರ ಪ್ರಕರಣ ನ್ಯಾಯಾಲಯದಲ್ಲಿದ್ದು ಇತ್ಯರ್ಥವಾಗಬೇಕಿದೆ ಎಂದು ತಿಳಿಸಿದರು.
ಸಿದ್ದಪ್ಪಗುಡಗುಂಟಿ ನಿಧನ
■ ಸುದ್ದಿಮೂಲ ವಾರ್ತೆ ಕವಿತಾಳ, ಜು.12: ಪಟ್ಟಣದ ನಿವಾಸಿ ಹಿರಿಯ ಶಿಕ್ಷಕ ಸಿದ್ದಪ್ಪ ಗುಡಗುಂಟಿ (66) ಅವರು ಶುಕ್ರವಾರ ರಾತ್ರಿ ನಿಧನರಾದರು.
ಮೃತರು ಪತ್ನಿ, ಒಬ್ಬ ಪುತ್ರ, ನಾಲ್ವರು ಪುತ್ರಿಯರು ಸೇರಿ ಅಪಾರ ಬಂಧುಬಳಗವನ್ನು ಅಗಲಿದ್ದಾರೆ. ಮೃತರ ಅಂತ್ಯಕ್ರಿಯೆ ಶನಿವಾರ ಸ್ವಗ್ರಾಮದಲ್ಲಿ ನೆರವೇರಿತು. ಎಂದು ಕುಟುಂಬ ಮೂಲಗಳು ತಿಳಿಸಿವೆ.
ರಾಷ್ಟ್ರೀಯ ಲೋಕ್ ಅದಾಲತ್ ಮೂಲಕ ವಿವಿಧ ಪ್ರಕರಣಗಳ ಸಂಧಾನ : ನ್ಯಾಯಾಧೀಶೆ ಕೆ.ಜಿ ಶಾಂತಿ
■ ಸುದ್ದಿಮೂಲ ವಾರ್ತೆ ಬಳ್ಳಾರಿ, ಜು.12: ಜಿಲ್ಲೆಯಲ್ಲಿ ರಾಷ್ಟ್ರೀಯ ಲೋಕ್ ಅದಾಲತ್ ಹಮ್ಮಿಕೊಳ್ಳಲಾಗಿದ್ದು, ಬಳ್ಳಾರಿ ಜಿಲ್ಲೆಯ ವಿವಿಧ ನ್ಯಾಯಾಲಯಗಳಲ್ಲಿ ಬಾಕಿ ಇದ್ದ ಪ್ರಕರಣಗಳನ್ನು ಸಂಧಾನದ ಮೂಲಕ ಇತ್ಯರ್ಥಪಡಿಸಲಾಯಿತು. ಒಟ್ಟು 31 ನ್ಯಾಯಪೀಠಗಳನ್ನು ರಚಿಸಲಾಗಿತ್ತು. ಸಾರ್ವಜನಿಕರು ಲೋಕ ಅದಾಲತ್ ಮೂಲಕ ಸಮಯ ಹಾಗೂ ಹಣ ಉಳಿತಾಯ ಮಾಡಿಕೊಳ್ಳಬಹುದು.
ನ್ಯಾಯಾಲಯಗಳಲ್ಲಿ ಬಾಕಿ ಇದ್ದ ಹಾಗೂ ವ್ಯಾಜ್ಯಪೂರ್ವ ಪ್ರಕರಣಗಳು ಸೇರಿದಂತೆ ಒಟ್ಟು 69,354 ಪ್ರಕರಣಗಳನ್ನು ಇತ್ಯರ್ಥಪಡಿಸಲಾಗಿದೆ. ಇದರಲ್ಲಿ 19784 ಪ್ರಕರಣಗಳು ನ್ಯಾಯಾಲಯದಲ್ಲಿ ಬಾಕಿ ಇದ್ದವು ಎಂದು ನ್ಯಾಯಾಧೀಶರು ತಿಳಿಸಿದರು.
ಗುರುತಿಸಲಾದ ಒಟ್ಟು 11931 ಪ್ರಕರಣಗಳು ರಾಜಿಯಾಗಿದ್ದು, ವಿವಿಧ ಬ್ಯಾಂಕ್, ವಿದ್ಯುತ್, ನೀರಿನ ಬಿಲ್ ಪ್ರಕರಣಗಳು ಇತ್ಯರ್ಥವಾಗಿವೆ. ಕೌಟುಂಬಿಕ ಕಲಹ ಪ್ರಕರಣಗಳಲ್ಲಿ ದಂಪತಿಗಳು ಮತ್ತೆ ಒಂದಾದರು. ಮೋಟಾರು ಅಪಘಾತ ಪರಿಹಾರ ಪ್ರಕರಣಗಳಲ್ಲಿ ಸಂತ್ರಸ್ತರಿಗೆ ಪರಿಹಾರ ನೀಡಲಾಯಿತು. ಈ ವೇಳೆ ಹಿರಿಯ ಸಿವಿಲ್ ನ್ಯಾಯಾಧೀಶರು ಹಾಗೂ ಕಾನೂನು ಸೇವಾ ಪ್ರಾಧಿಕಾರದ ಸದಸ್ಯ ಕಾರ್ಯದರ್ಶಿ ರಾಜೇಶ್ ಎನ್. ಹೊಸಮನಿ ಉಪಸ್ಥಿತರಿದ್ದರು.
